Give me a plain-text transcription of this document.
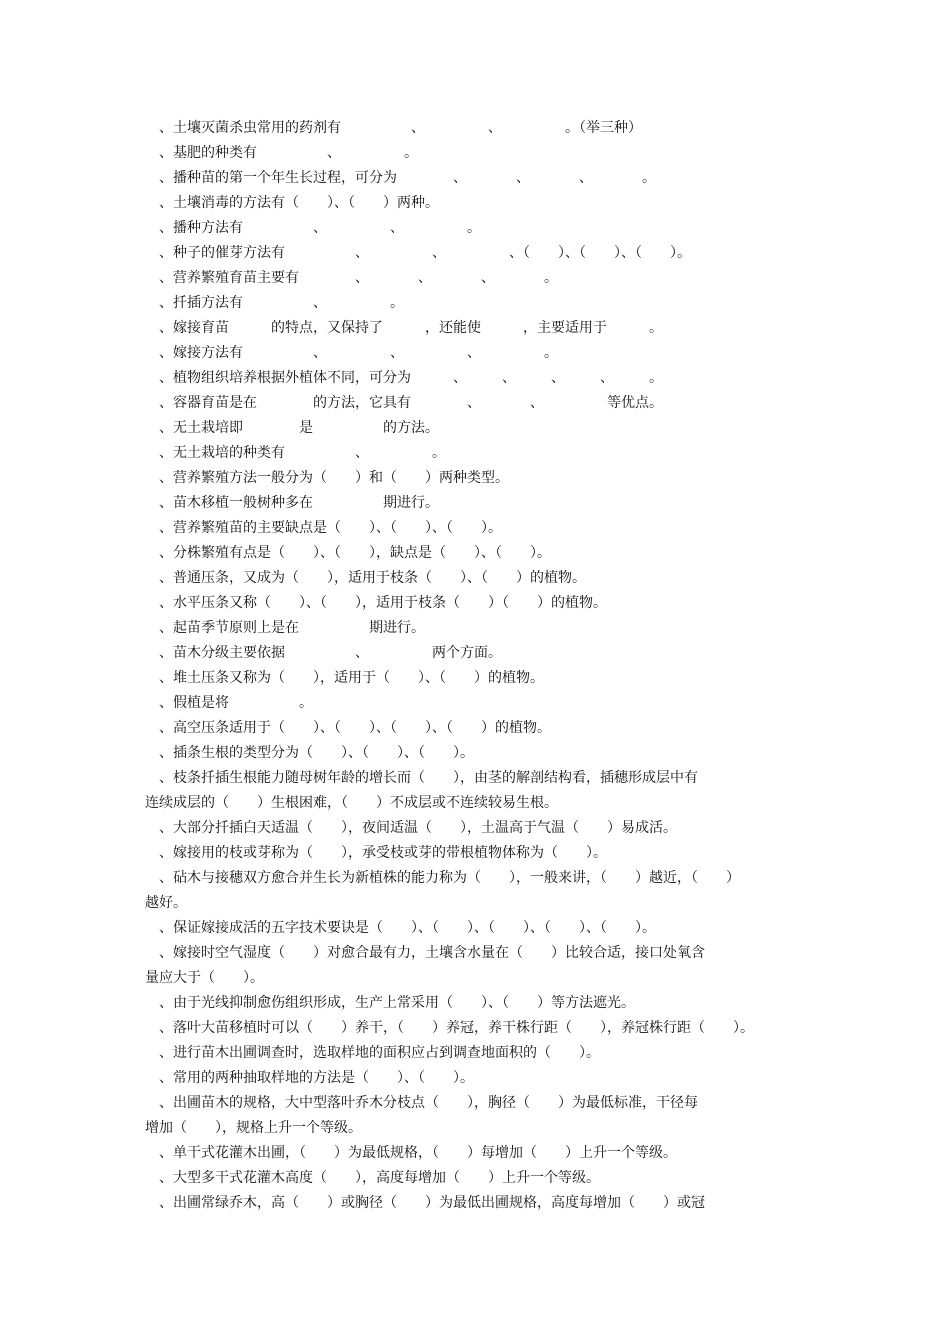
　、土壤灭菌杀虫常用的药剂有　　　　　、　　　　　、　　　　　。（举三种）
　、基肥的种类有　　　　　、　　　　　。
　、播种苗的第一个年生长过程，可分为　　　　、　　　　、　　　　、　　　　。
　、土壤消毒的方法有（　　）、（　　）两种。
　、播种方法有　　　　　、　　　　　、　　　　　。
　、种子的催芽方法有　　　　　、　　　　　、　　　　　、（　　）、（　　）、（　　）。
　、营养繁殖育苗主要有　　　　、　　　　、　　　　、　　　　。
　、扦插方法有　　　　　、　　　　　。
　、嫁接育苗　　　的特点，又保持了　　　，还能使　　　，主要适用于　　　。
　、嫁接方法有　　　　　、　　　　　、　　　　　、　　　　　。
　、植物组织培养根据外植体不同，可分为　　　、　　　、　　　、　　　、　　　。
　、容器育苗是在　　　　的方法，它具有　　　　、　　　　、　　　　　等优点。
　、无土栽培即　　　　是　　　　　的方法。
　、无土栽培的种类有　　　　　、　　　　　。
　、营养繁殖方法一般分为（　　）和（　　）两种类型。
　、苗木移植一般树种多在　　　　　期进行。
　、营养繁殖苗的主要缺点是（　　）、（　　）、（　　）。
　、分株繁殖有点是（　　）、（　　），缺点是（　　）、（　　）。
　、普通压条，又成为（　　），适用于枝条（　　）、（　　）的植物。
　、水平压条又称（　　）、（　　），适用于枝条（　　）（　　）的植物。
　、起苗季节原则上是在　　　　　期进行。
　、苗木分级主要依据　　　　　、　　　　　两个方面。
　、堆土压条又称为（　　），适用于（　　）、（　　）的植物。
　、假植是将　　　　　。
　、高空压条适用于（　　）、（　　）、（　　）、（　　）的植物。
　、插条生根的类型分为（　　）、（　　）、（　　）。
　、枝条扦插生根能力随母树年龄的增长而（　　），由茎的解剖结构看，插穗形成层中有
连续成层的（　　）生根困难，（　　）不成层或不连续较易生根。
　、大部分扦插白天适温（　　），夜间适温（　　），土温高于气温（　　）易成活。
　、嫁接用的枝或芽称为（　　），承受枝或芽的带根植物体称为（　　）。
　、砧木与接穗双方愈合并生长为新植株的能力称为（　　），一般来讲，（　　）越近，（　　）
越好。
　、保证嫁接成活的五字技术要诀是（　　）、（　　）、（　　）、（　　）、（　　）。
　、嫁接时空气湿度（　　）对愈合最有力，土壤含水量在（　　）比较合适，接口处氧含
量应大于（　　）。
　、由于光线抑制愈伤组织形成，生产上常采用（　　）、（　　）等方法遮光。
　、落叶大苗移植时可以（　　）养干，（　　）养冠，养干株行距（　　），养冠株行距（　　）。
　、进行苗木出圃调查时，选取样地的面积应占到调查地面积的（　　）。
　、常用的两种抽取样地的方法是（　　）、（　　）。
　、出圃苗木的规格，大中型落叶乔木分枝点（　　），胸径（　　）为最低标准，干径每
增加（　　），规格上升一个等级。
　、单干式花灌木出圃，（　　）为最低规格，（　　）每增加（　　）上升一个等级。
　、大型多干式花灌木高度（　　），高度每增加（　　）上升一个等级。
　、出圃常绿乔木，高（　　）或胸径（　　）为最低出圃规格，高度每增加（　　）或冠
